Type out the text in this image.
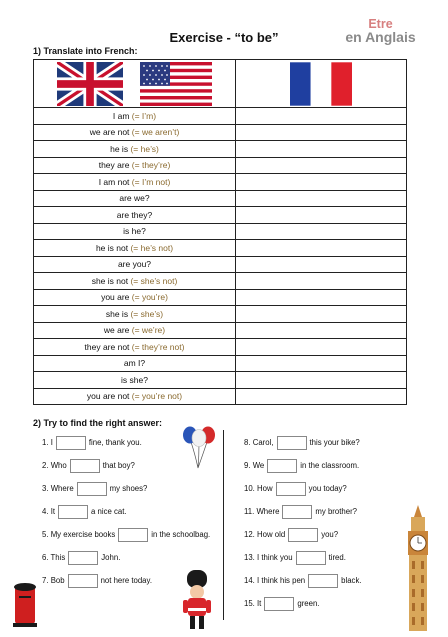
Exercise - “to be”
Etre
en Anglais
1) Translate into French:

I am (= I’m)	
we are not (= we aren’t)	
he is (= he’s)	
they are (= they’re)	
I am not (= I’m not)	
are we?	
are they?	
is he?	
he is not (= he’s not)	
are you?	
she is not (= she’s not)	
you are (= you’re)	
she is (= she’s)	
we are (= we’re)	
they are not (= they’re not)	
am I?	
is she?	
you are not (= you’re not)	
2) Try to find the right answer:
1. I	fine, thank you.
2. Who	that boy?
3. Where	my shoes?
4. It	a nice cat.
5. My exercise books	in the schoolbag.
6. This	John.
7. Bob	not here today.
8. Carol,	this your bike?
9. We	in the classroom.
10. How	you today?
11. Where	my brother?
12. How old	you?
13. I think you	tired.
14. I think his pen	black.
15. It	green.
